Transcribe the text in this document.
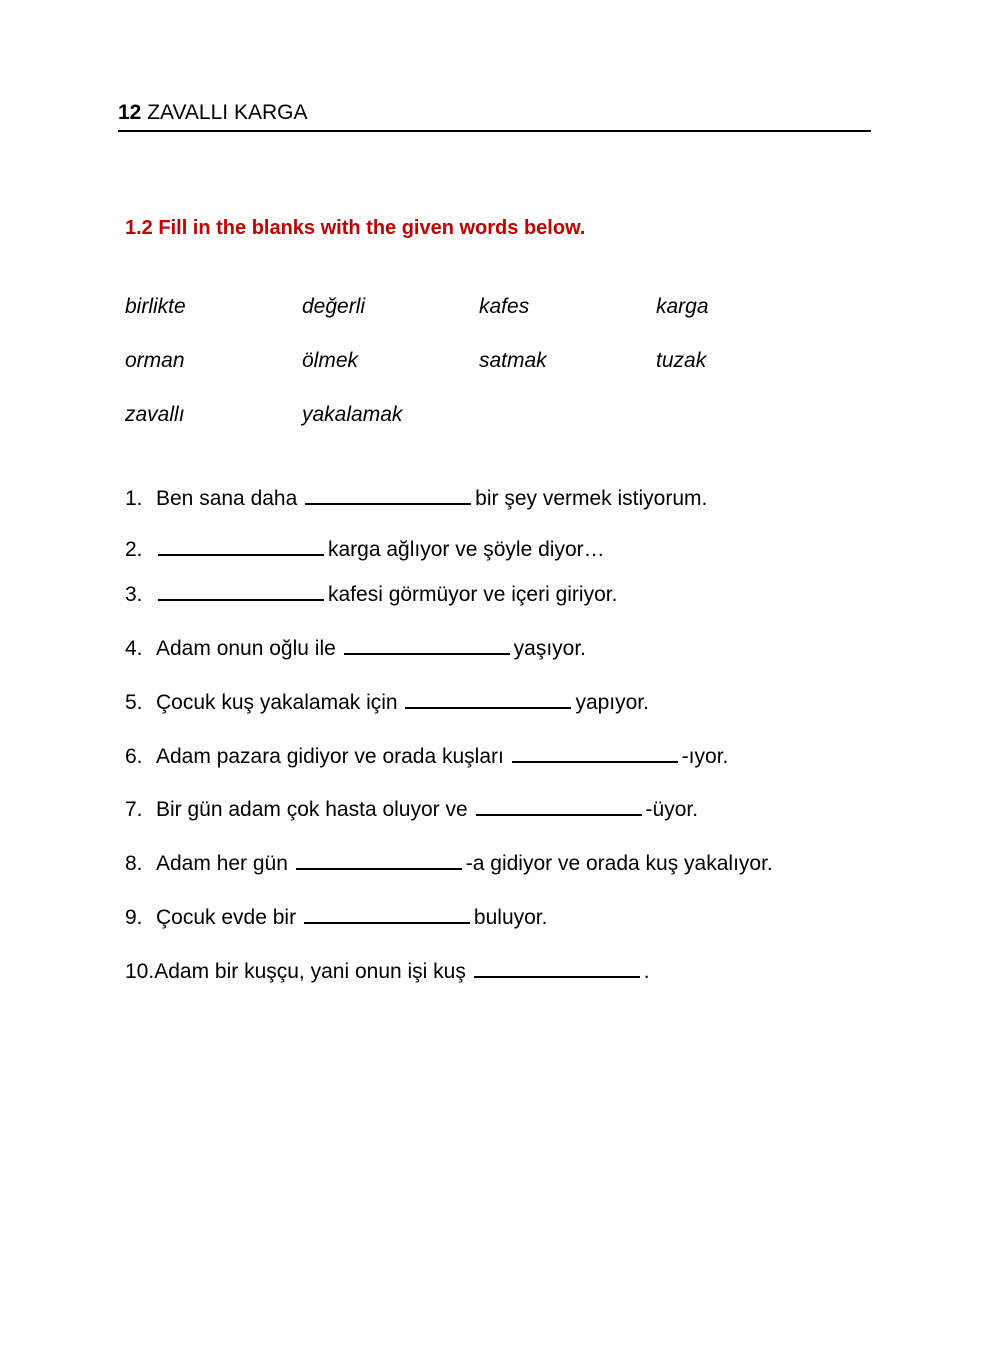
12 ZAVALLI KARGA
1.2 Fill in the blanks with the given words below.
birlikte	değerli	kafes	karga
orman	ölmek	satmak	tuzak
zavallı	yakalamak
1. Ben sana daha	bir şey vermek istiyorum.
2.	karga ağlıyor ve şöyle diyor…
3.	kafesi görmüyor ve içeri giriyor.
4. Adam onun oğlu ile	yaşıyor.
5. Çocuk kuş yakalamak için	yapıyor.
6. Adam pazara gidiyor ve orada kuşları	-ıyor.
7. Bir gün adam çok hasta oluyor ve	-üyor.
8. Adam her gün	-a gidiyor ve orada kuş yakalıyor.
9. Çocuk evde bir	buluyor.
10.Adam bir kuşçu, yani onun işi kuş	.
